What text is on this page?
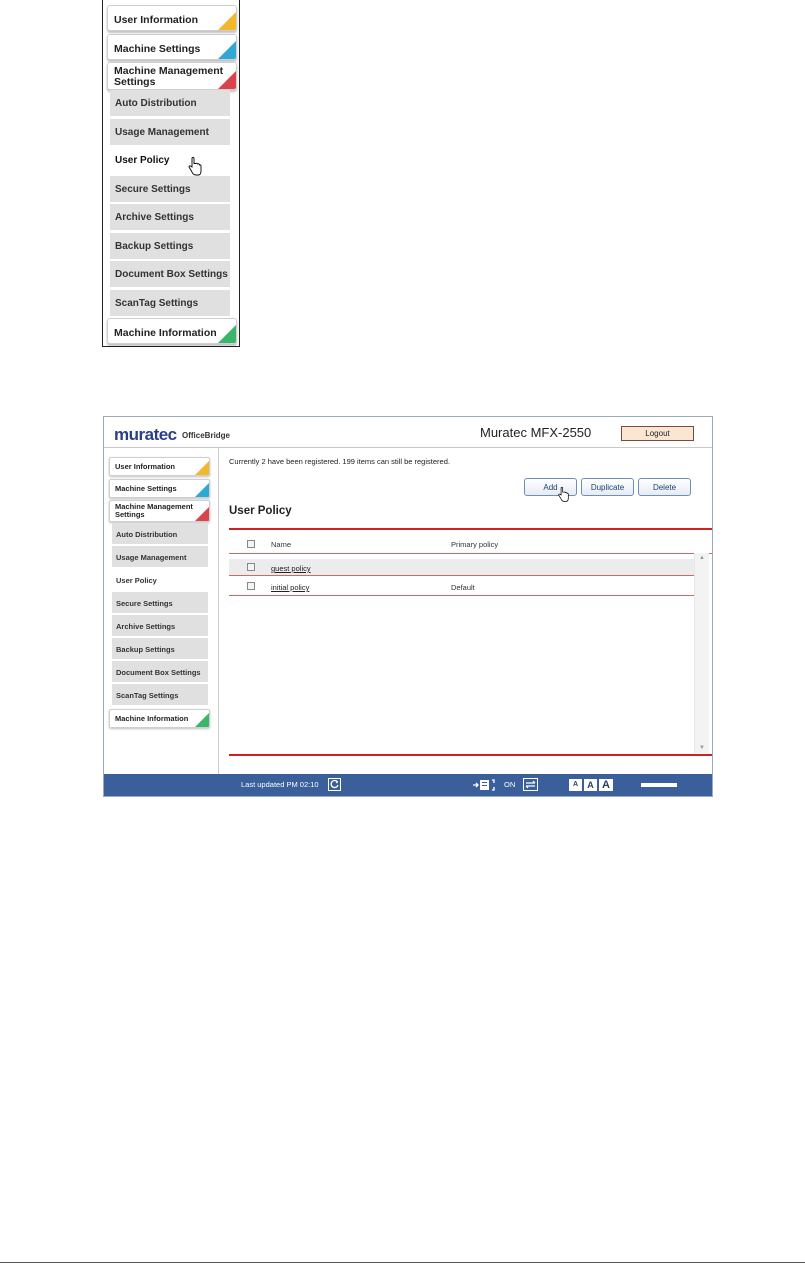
User Information
Machine Settings
Machine Management
Settings
Auto Distribution
Usage Management
User Policy
Secure Settings
Archive Settings
Backup Settings
Document Box Settings
ScanTag Settings
Machine Information
muratec OfficeBridge	Muratec MFX-2550	Logout
User Information
Machine Settings
Machine Management
Settings
Auto Distribution
Usage Management
User Policy
Secure Settings
Archive Settings
Backup Settings
Document Box Settings
ScanTag Settings
Machine Information
Currently 2 have been registered. 199 items can still be registered.
Add	Duplicate	Delete
User Policy
Name	Primary policy
guest policy
initial policy	Default
▲
▼
Last updated PM 02:10	ON	A	A A
